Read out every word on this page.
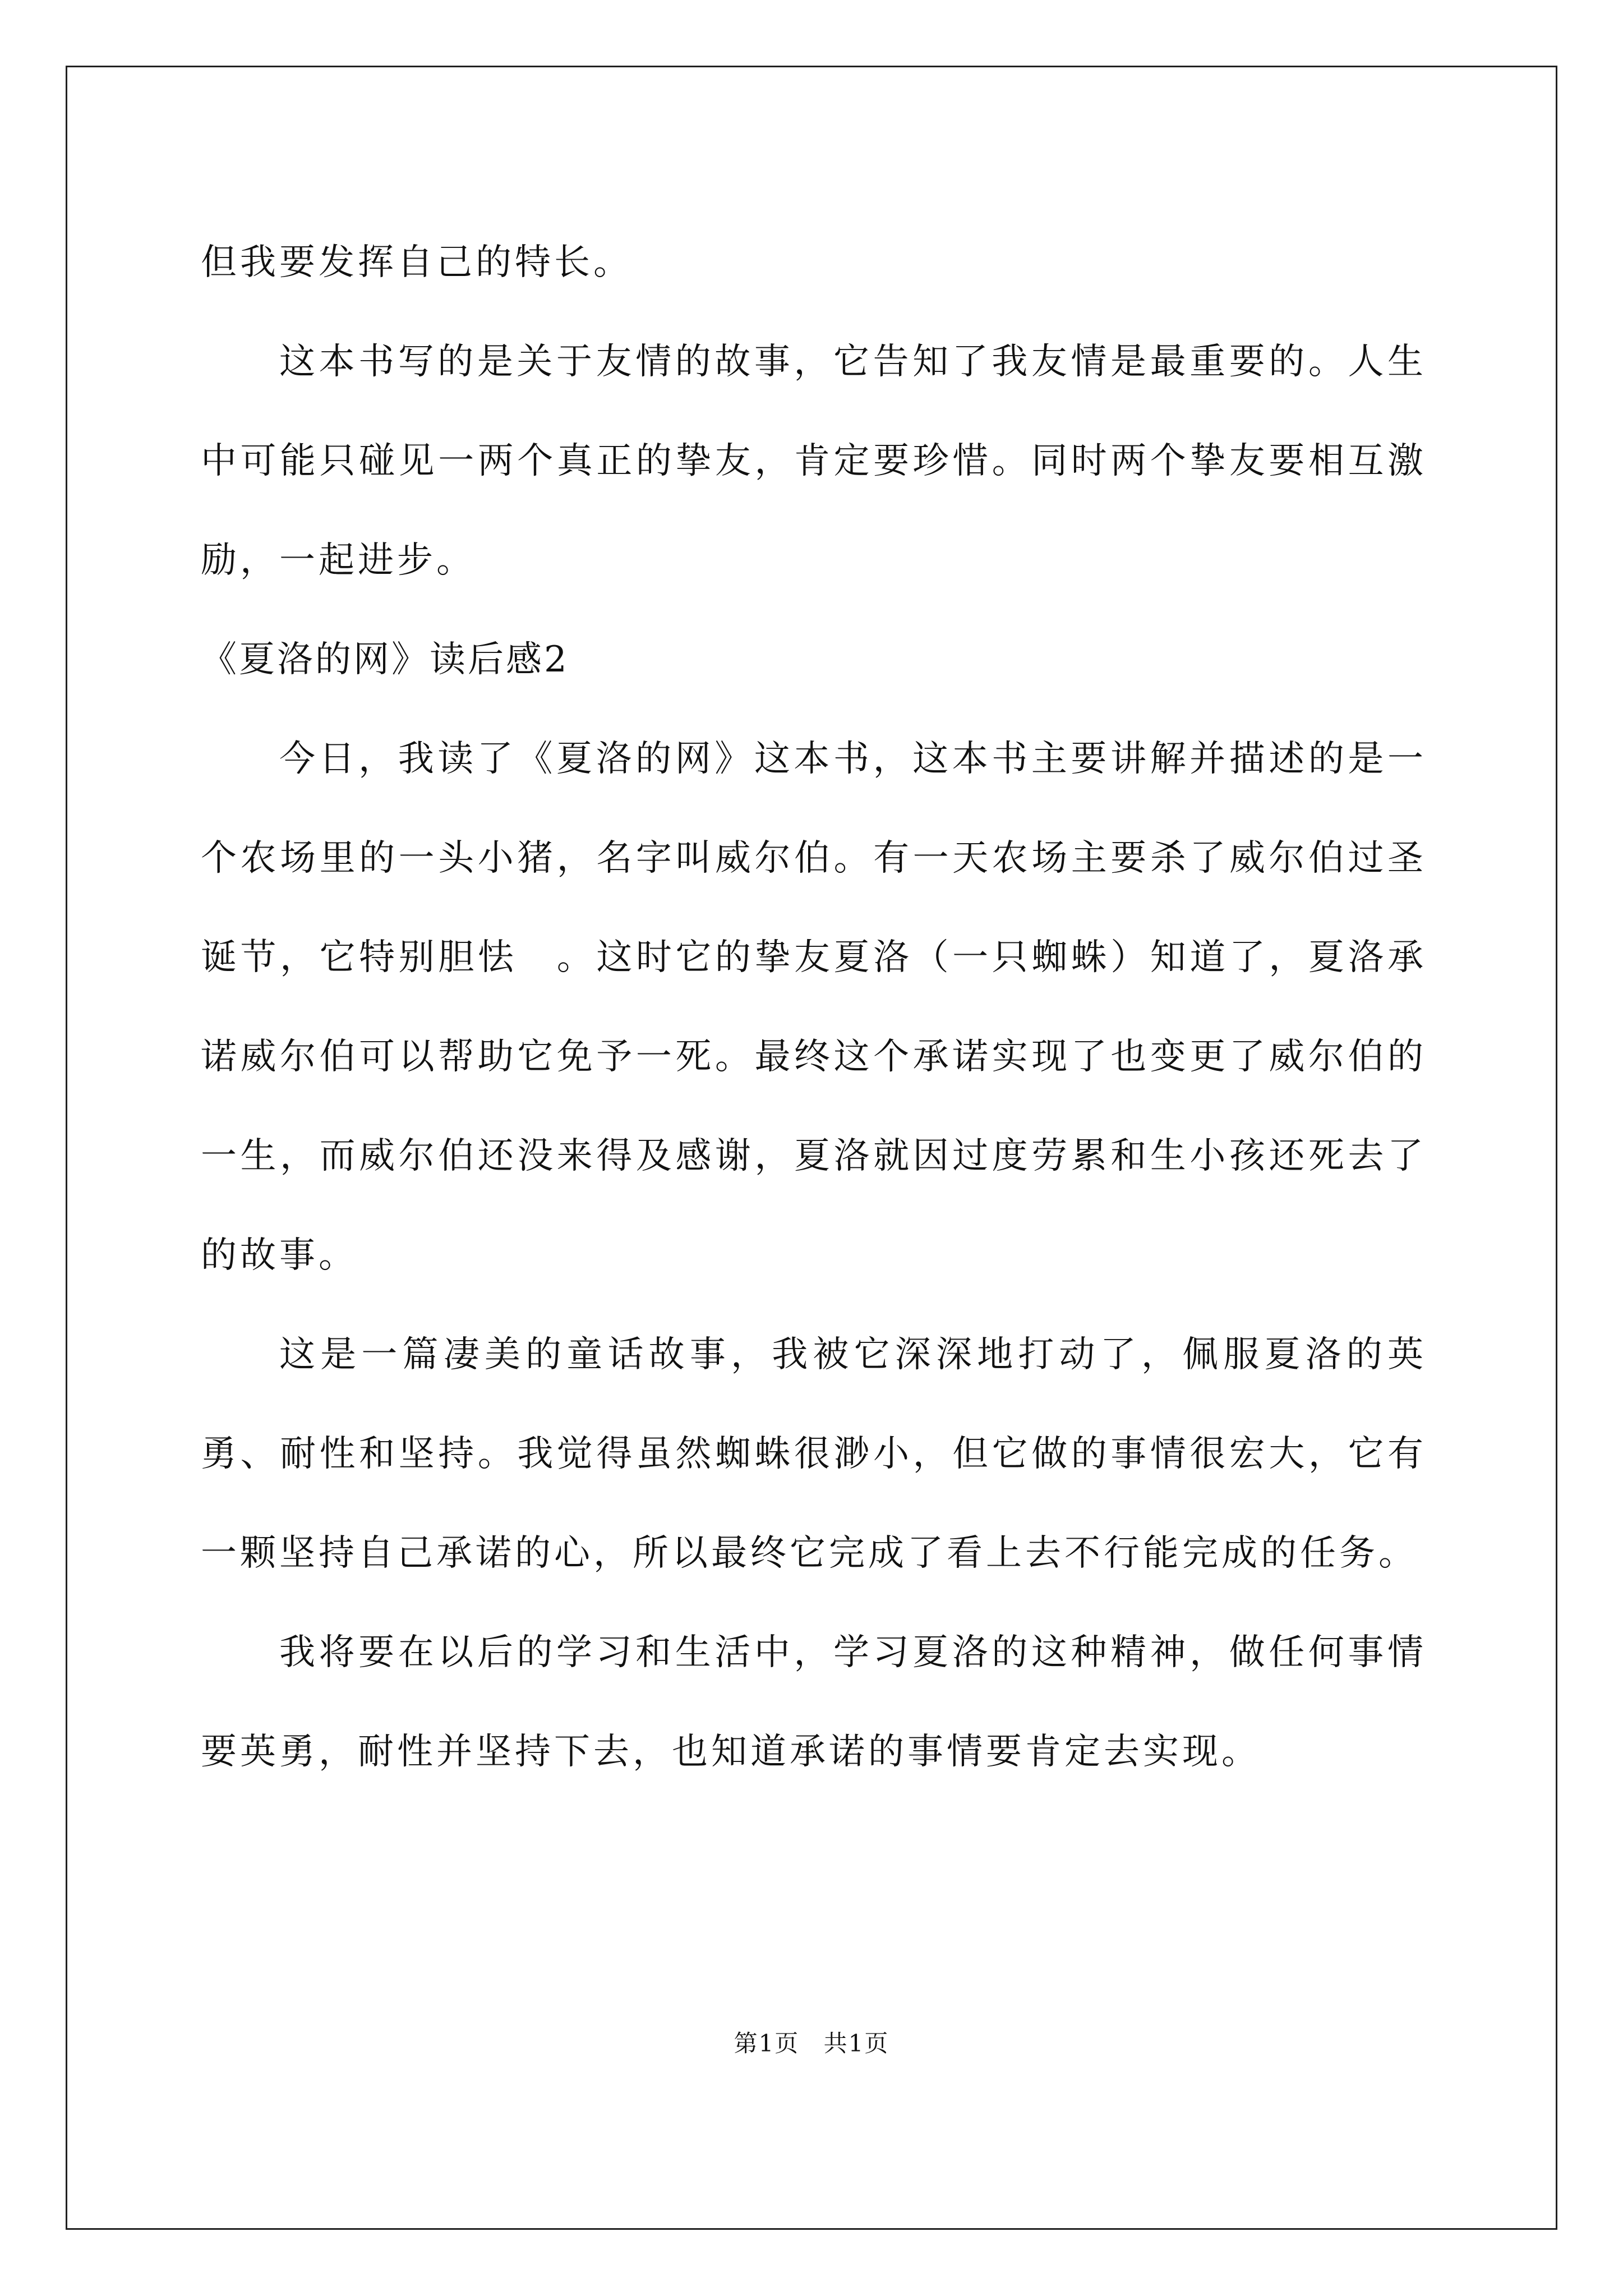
但我要发挥自己的特长。

这本书写的是关于友情的故事，它告知了我友情是最重要的。人生中可能只碰见一两个真正的挚友，肯定要珍惜。同时两个挚友要相互激励，一起进步。

《夏洛的网》读后感2

今日，我读了《夏洛的网》这本书，这本书主要讲解并描述的是一个农场里的一头小猪，名字叫威尔伯。有一天农场主要杀了威尔伯过圣诞节，它特别胆怯　。这时它的挚友夏洛（一只蜘蛛）知道了，夏洛承诺威尔伯可以帮助它免予一死。最终这个承诺实现了也变更了威尔伯的一生，而威尔伯还没来得及感谢，夏洛就因过度劳累和生小孩还死去了的故事。

这是一篇凄美的童话故事，我被它深深地打动了，佩服夏洛的英勇、耐性和坚持。我觉得虽然蜘蛛很渺小，但它做的事情很宏大，它有一颗坚持自己承诺的心，所以最终它完成了看上去不行能完成的任务。

我将要在以后的学习和生活中，学习夏洛的这种精神，做任何事情要英勇，耐性并坚持下去，也知道承诺的事情要肯定去实现。

第1页 共1页
